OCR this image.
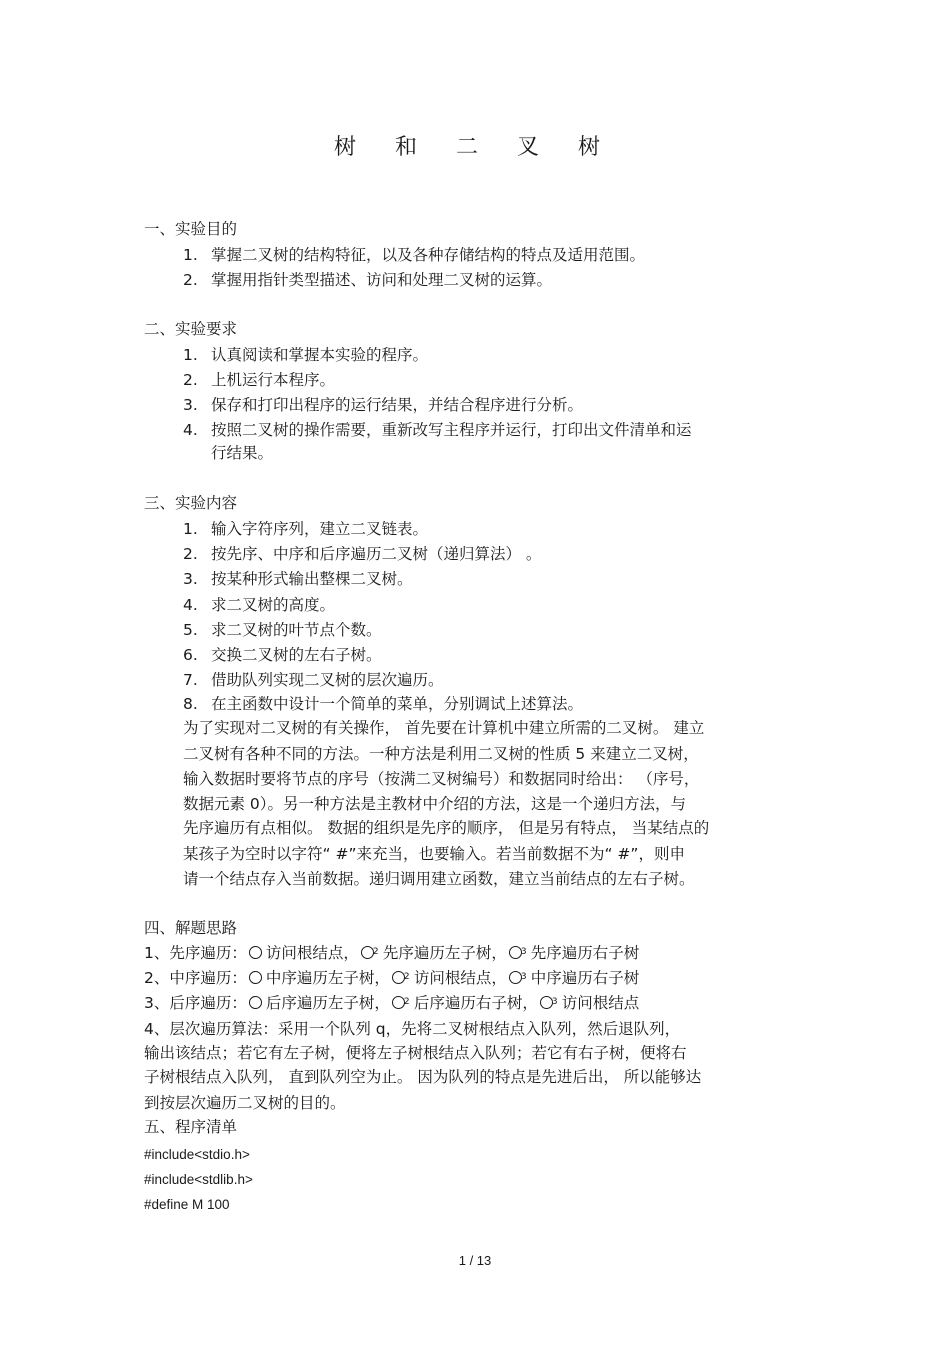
树 和 二 叉 树
一、实验目的
1. 掌握二叉树的结构特征，以及各种存储结构的特点及适用范围。
2. 掌握用指针类型描述、访问和处理二叉树的运算。
二、实验要求
1. 认真阅读和掌握本实验的程序。
2. 上机运行本程序。
3. 保存和打印出程序的运行结果，并结合程序进行分析。
4. 按照二叉树的操作需要，重新改写主程序并运行，打印出文件清单和运
行结果。
三、实验内容
1. 输入字符序列，建立二叉链表。
2. 按先序、中序和后序遍历二叉树（递归算法） 。
3. 按某种形式输出整棵二叉树。
4. 求二叉树的高度。
5. 求二叉树的叶节点个数。
6. 交换二叉树的左右子树。
7. 借助队列实现二叉树的层次遍历。
8. 在主函数中设计一个简单的菜单，分别调试上述算法。
为了实现对二叉树的有关操作， 首先要在计算机中建立所需的二叉树。 建立
二叉树有各种不同的方法。一种方法是利用二叉树的性质 5 来建立二叉树，
输入数据时要将节点的序号（按满二叉树编号）和数据同时给出： （序号，
数据元素 0）。另一种方法是主教材中介绍的方法，这是一个递归方法，与
先序遍历有点相似。 数据的组织是先序的顺序， 但是另有特点， 当某结点的
某孩子为空时以字符“ #”来充当，也要输入。若当前数据不为“ #”，则申
请一个结点存入当前数据。递归调用建立函数，建立当前结点的左右子树。
四、解题思路
1、先序遍历： 访问根结点， 2 先序遍历左子树， 3 先序遍历右子树
2、中序遍历： 中序遍历左子树， 2 访问根结点， 3 中序遍历右子树
3、后序遍历： 后序遍历左子树， 2 后序遍历右子树， 3 访问根结点
4、层次遍历算法：采用一个队列 q，先将二叉树根结点入队列，然后退队列，
输出该结点；若它有左子树，便将左子树根结点入队列；若它有右子树，便将右
子树根结点入队列， 直到队列空为止。 因为队列的特点是先进后出， 所以能够达
到按层次遍历二叉树的目的。
五、程序清单
#include<stdio.h>
#include<stdlib.h>
#define M 100
1 / 13
